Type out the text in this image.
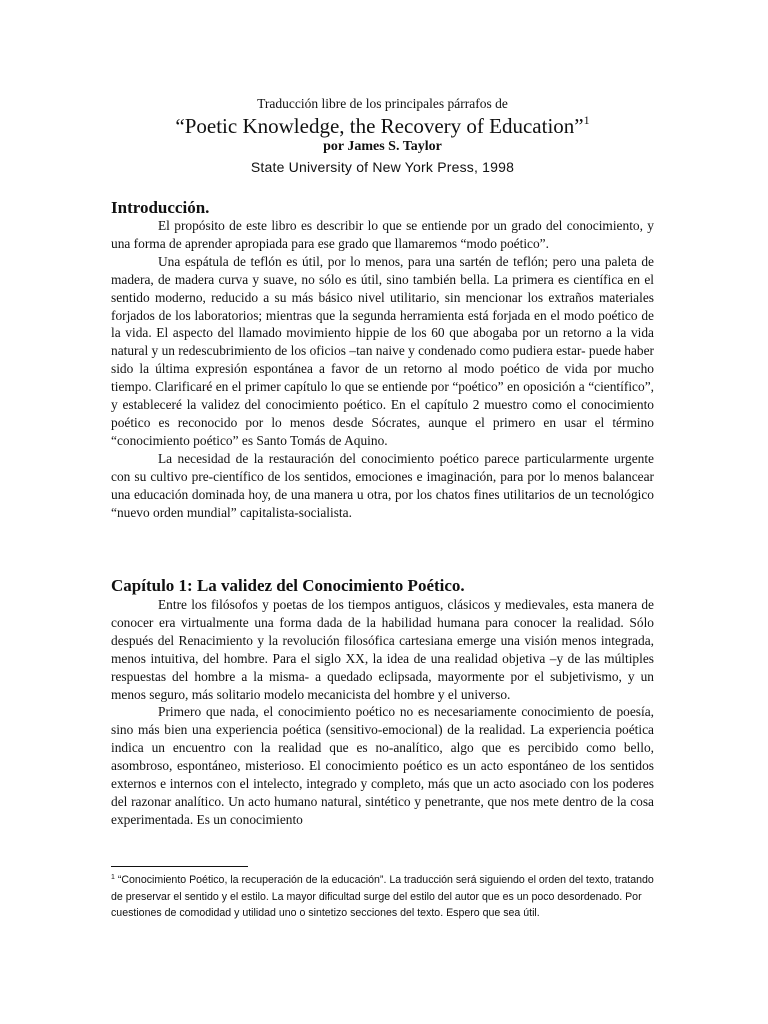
Traducción libre de los principales párrafos de
“Poetic Knowledge, the Recovery of Education”$^1$
por James S. Taylor
State University of New York Press, 1998
Introducción.

El propósito de este libro es describir lo que se entiende por un grado del conocimiento, y una forma de aprender apropiada para ese grado que llamaremos “modo poético”.

Una espátula de teflón es útil, por lo menos, para una sartén de teflón; pero una paleta de madera, de madera curva y suave, no sólo es útil, sino también bella. La primera es científica en el sentido moderno, reducido a su más básico nivel utilitario, sin mencionar los extraños materiales forjados de los laboratorios; mientras que la segunda herramienta está forjada en el modo poético de la vida. El aspecto del llamado movimiento hippie de los 60 que abogaba por un retorno a la vida natural y un redescubrimiento de los oficios –tan naive y condenado como pudiera estar- puede haber sido la última expresión espontánea a favor de un retorno al modo poético de vida por mucho tiempo. Clarificaré en el primer capítulo lo que se entiende por “poético” en oposición a “científico”, y estableceré la validez del conocimiento poético. En el capítulo 2 muestro como el conocimiento poético es reconocido por lo menos desde Sócrates, aunque el primero en usar el término “conocimiento poético” es Santo Tomás de Aquino.

La necesidad de la restauración del conocimiento poético parece particularmente urgente con su cultivo pre-científico de los sentidos, emociones e imaginación, para por lo menos balancear una educación dominada hoy, de una manera u otra, por los chatos fines utilitarios de un tecnológico “nuevo orden mundial” capitalista-socialista.

Capítulo 1: La validez del Conocimiento Poético.

Entre los filósofos y poetas de los tiempos antiguos, clásicos y medievales, esta manera de conocer era virtualmente una forma dada de la habilidad humana para conocer la realidad. Sólo después del Renacimiento y la revolución filosófica cartesiana emerge una visión menos integrada, menos intuitiva, del hombre. Para el siglo XX, la idea de una realidad objetiva –y de las múltiples respuestas del hombre a la misma- a quedado eclipsada, mayormente por el subjetivismo, y un menos seguro, más solitario modelo mecanicista del hombre y el universo.

Primero que nada, el conocimiento poético no es necesariamente conocimiento de poesía, sino más bien una experiencia poética (sensitivo-emocional) de la realidad. La experiencia poética indica un encuentro con la realidad que es no-analítico, algo que es percibido como bello, asombroso, espontáneo, misterioso. El conocimiento poético es un acto espontáneo de los sentidos externos e internos con el intelecto, integrado y completo, más que un acto asociado con los poderes del razonar analítico. Un acto humano natural, sintético y penetrante, que nos mete dentro de la cosa experimentada. Es un conocimiento

$^1$ “Conocimiento Poético, la recuperación de la educación”. La traducción será siguiendo el orden del texto, tratando de preservar el sentido y el estilo. La mayor dificultad surge del estilo del autor que es un poco desordenado. Por cuestiones de comodidad y utilidad uno o sintetizo secciones del texto. Espero que sea útil.
